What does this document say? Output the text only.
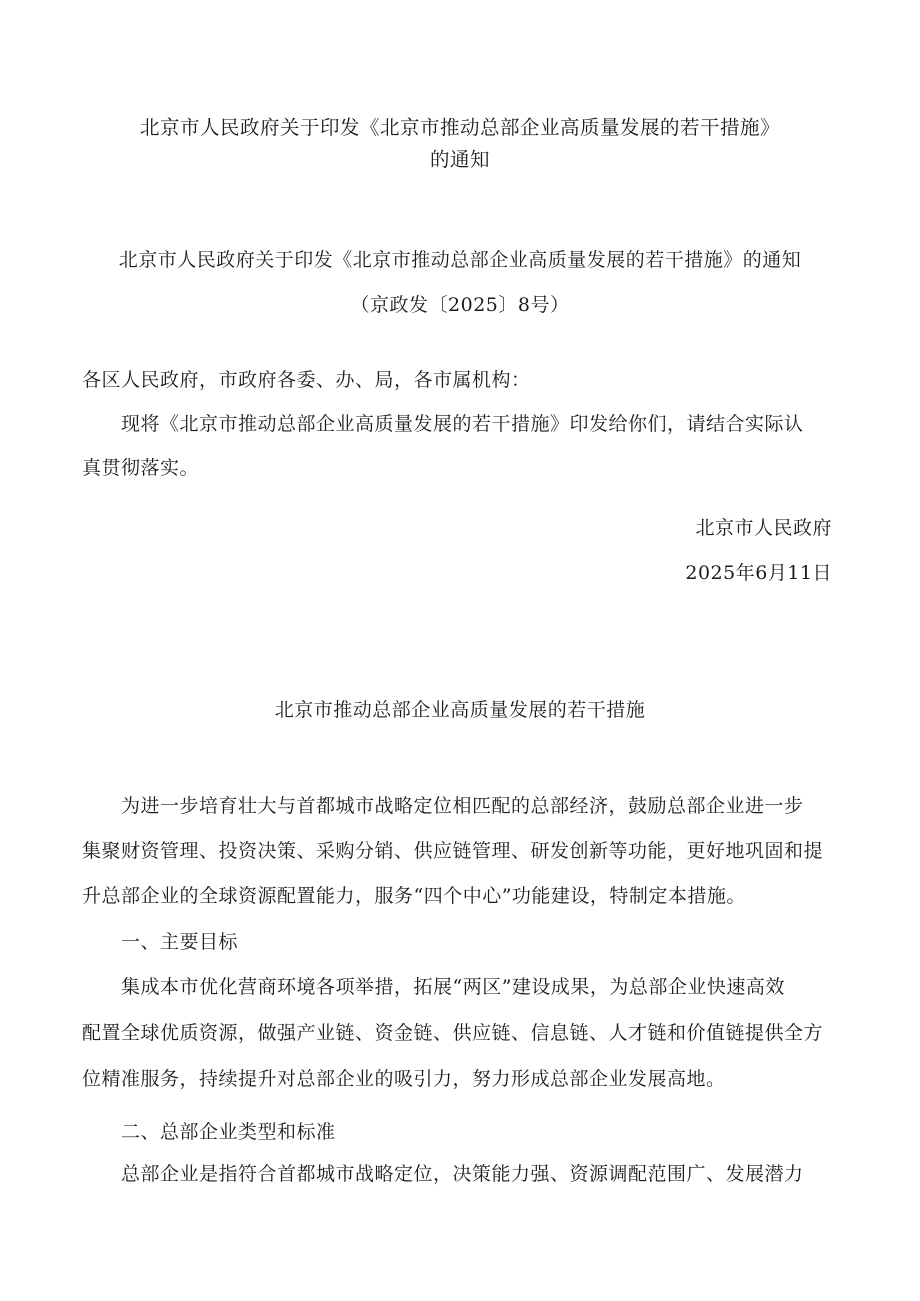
北京市人民政府关于印发《北京市推动总部企业高质量发展的若干措施》
的通知
北京市人民政府关于印发《北京市推动总部企业高质量发展的若干措施》的通知
（京政发〔2025〕8号）
各区人民政府，市政府各委、办、局，各市属机构：
现将《北京市推动总部企业高质量发展的若干措施》印发给你们，请结合实际认
真贯彻落实。
北京市人民政府
2025年6月11日
北京市推动总部企业高质量发展的若干措施
为进一步培育壮大与首都城市战略定位相匹配的总部经济，鼓励总部企业进一步
集聚财资管理、投资决策、采购分销、供应链管理、研发创新等功能，更好地巩固和提
升总部企业的全球资源配置能力，服务“四个中心”功能建设，特制定本措施。
一、主要目标
集成本市优化营商环境各项举措，拓展“两区”建设成果，为总部企业快速高效
配置全球优质资源，做强产业链、资金链、供应链、信息链、人才链和价值链提供全方
位精准服务，持续提升对总部企业的吸引力，努力形成总部企业发展高地。
二、总部企业类型和标准
总部企业是指符合首都城市战略定位，决策能力强、资源调配范围广、发展潜力
